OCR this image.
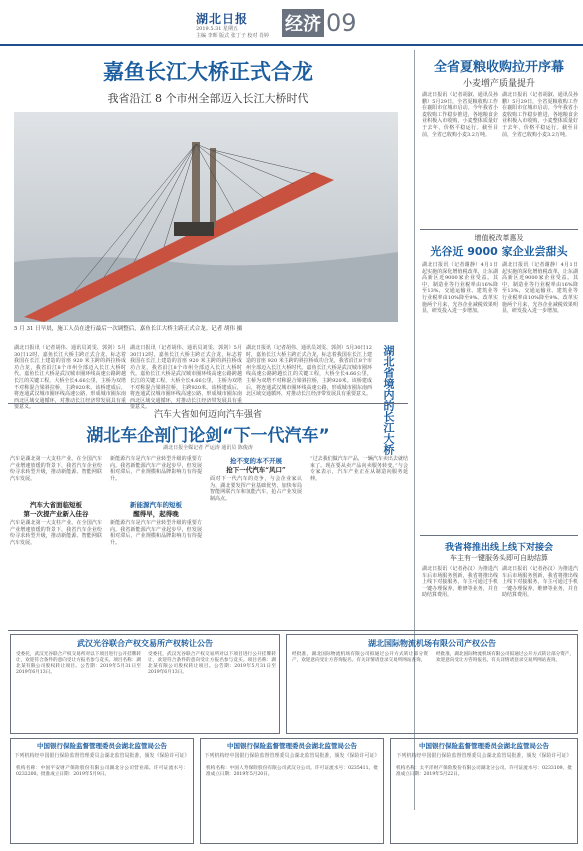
湖北日报
2019.5.31 星期五
主编 李晖 版式 张丁子 校对 肖婷
经济 09
嘉鱼长江大桥正式合龙
我省沿江 8 个市州全部迈入长江大桥时代
5 月 31 日早晨，施工人员在进行最后一次调整后，嘉鱼长江大桥主跨正式合龙。记者 胡伟 摄
湖北日报讯（记者胡伟、通讯员刘雯、郭剑）5月30日12时，嘉鱼长江大桥主跨正式合龙，标志着我国在长江上建造的首座 920 米主跨的斜拉桥成功合龙，我省沿江8个市州全部迈入长江大桥时代。嘉鱼长江大桥是武汉城市圈环线高速公路跨越长江的关键工程，大桥全长4.66公里，主桥为双塔不对称混合梁斜拉桥，主跨920米。该桥建成后，将连通武汉城市圈环线高速公路，形成城市圈东南西北区域交通循环，对推动长江经济带发展具有重要意义。
湖北日报讯（记者胡伟、通讯员刘雯、郭剑）5月30日12时，嘉鱼长江大桥主跨正式合龙，标志着我国在长江上建造的首座 920 米主跨的斜拉桥成功合龙，我省沿江8个市州全部迈入长江大桥时代。嘉鱼长江大桥是武汉城市圈环线高速公路跨越长江的关键工程，大桥全长4.66公里，主桥为双塔不对称混合梁斜拉桥，主跨920米。该桥建成后，将连通武汉城市圈环线高速公路，形成城市圈东南西北区域交通循环，对推动长江经济带发展具有重要意义。
湖北日报讯（记者胡伟、通讯员刘雯、郭剑）5月30日12时，嘉鱼长江大桥主跨正式合龙，标志着我国在长江上建造的首座 920 米主跨的斜拉桥成功合龙，我省沿江8个市州全部迈入长江大桥时代。嘉鱼长江大桥是武汉城市圈环线高速公路跨越长江的关键工程，大桥全长4.66公里，主桥为双塔不对称混合梁斜拉桥，主跨920米。该桥建成后，将连通武汉城市圈环线高速公路，形成城市圈东南西北区域交通循环，对推动长江经济带发展具有重要意义。 湖北省境内的长江大桥
全省夏粮收购拉开序幕
小麦增产质量提升
湖北日报讯（记者胡淑、通讯员孙鹏）5月29日，全省夏粮收购工作在襄阳市宜城市启动。今年我省小麦收购工作稳步推进，各地粮食企业积极入市收购，小麦整体质量好于去年，价格平稳运行。截至目前，全省已收购小麦3.2万吨。
湖北日报讯（记者胡淑、通讯员孙鹏）5月29日，全省夏粮收购工作在襄阳市宜城市启动。今年我省小麦收购工作稳步推进，各地粮食企业积极入市收购，小麦整体质量好于去年，价格平稳运行。截至目前，全省已收购小麦3.2万吨。
增值税改革惠及
光谷近 9000 家企业尝甜头
湖北日报讯（记者谢静）4月1日起实施的深化增值税改革，让东湖高新区近9000家企业受益。其中，制造业等行业税率由16%降至13%，交通运输业、建筑业等行业税率由10%降至9%。改革实施两个月来，光谷企业减税效果明显，研发投入进一步增加。
湖北日报讯（记者谢静）4月1日起实施的深化增值税改革，让东湖高新区近9000家企业受益。其中，制造业等行业税率由16%降至13%，交通运输业、建筑业等行业税率由10%降至9%。改革实施两个月来，光谷企业减税效果明显，研发投入进一步增加。
我省将推出线上线下对接会
车主有一键服务头即可自助结算
湖北日报讯（记者孙汉）为推进汽车后市场服务创新，我省将推出线上线下对接服务，车主可通过手机一键办理保养、维修等业务，并自助结算费用。
湖北日报讯（记者孙汉）为推进汽车后市场服务创新，我省将推出线上线下对接服务，车主可通过手机一键办理保养、维修等业务，并自助结算费用。
汽车大省如何迈向汽车强省
湖北车企剖门论剑“下一代汽车”
湖北日报全媒记者 严运涛 通讯员 陈俊涛
汽车是湖北第一大支柱产业。在全国汽车产业增速放缓的背景下，我省汽车企业纷纷寻求转型升级，推动新能源、智能网联汽车发展。
汽车大省面临短板
第一次提产业新入佳谷
汽车是湖北第一大支柱产业。在全国汽车产业增速放缓的背景下，我省汽车企业纷纷寻求转型升级，推动新能源、智能网联汽车发展。
新能源汽车是汽车产业转型升级的重要方向。我省新能源汽车产业起步早，但发展相对滞后，产业规模和品牌影响力有待提升。
新能源汽车的短板
醒得早，起得晚
新能源汽车是汽车产业转型升级的重要方向。我省新能源汽车产业起步早，但发展相对滞后，产业规模和品牌影响力有待提升。
抢不变的本不开展
抢下一代汽车“风口”
面对下一代汽车的竞争，与会企业家认为，湖北要发挥产业基础优势，加快布局智能网联汽车和氢能汽车，抢占产业发展制高点。
“过去我们做汽车产品，一辆汽车卖出去就结束了。现在要从卖产品向卖服务转变。”与会专家表示，汽车产业正在从制造向服务延伸。
武汉光谷联合产权交易所产权转让公告
受委托，武汉光谷联合产权交易所对以下项目进行公开挂牌转让，欢迎符合条件的意向受让方报名参与竞买。项目名称：湖北某有限公司股权转让项目。公告期：2019年5月31日至2019年6月13日。
受委托，武汉光谷联合产权交易所对以下项目进行公开挂牌转让，欢迎符合条件的意向受让方报名参与竞买。项目名称：湖北某有限公司股权转让项目。公告期：2019年5月31日至2019年6月13日。
湖北国际物流机场有限公司产权公告
经批准，湖北国际物流机场有限公司拟通过公开方式转让部分资产，欢迎意向受让方咨询报名。有关详情请登录交易所网站查询。
经批准，湖北国际物流机场有限公司拟通过公开方式转让部分资产，欢迎意向受让方咨询报名。有关详情请登录交易所网站查询。
中国银行保险监督管理委员会湖北监管局公告
下列机构经中国银行保险监督管理委员会湖北监管局批准，颁发《保险许可证》
机构名称：中国平安财产保险股份有限公司湖北分公司营业部。许可证流水号：0232200。批准成立日期：2019年5月9日。
中国银行保险监督管理委员会湖北监管局公告
下列机构经中国银行保险监督管理委员会湖北监管局批准，颁发《保险许可证》
机构名称：中国人寿保险股份有限公司武汉分公司。许可证流水号：0235411。批准成立日期：2019年5月20日。
中国银行保险监督管理委员会湖北监管局公告
下列机构经中国银行保险监督管理委员会湖北监管局批准，颁发《保险许可证》
机构名称：太平洋财产保险股份有限公司湖北分公司。许可证流水号：0233109。批准成立日期：2019年5月22日。
